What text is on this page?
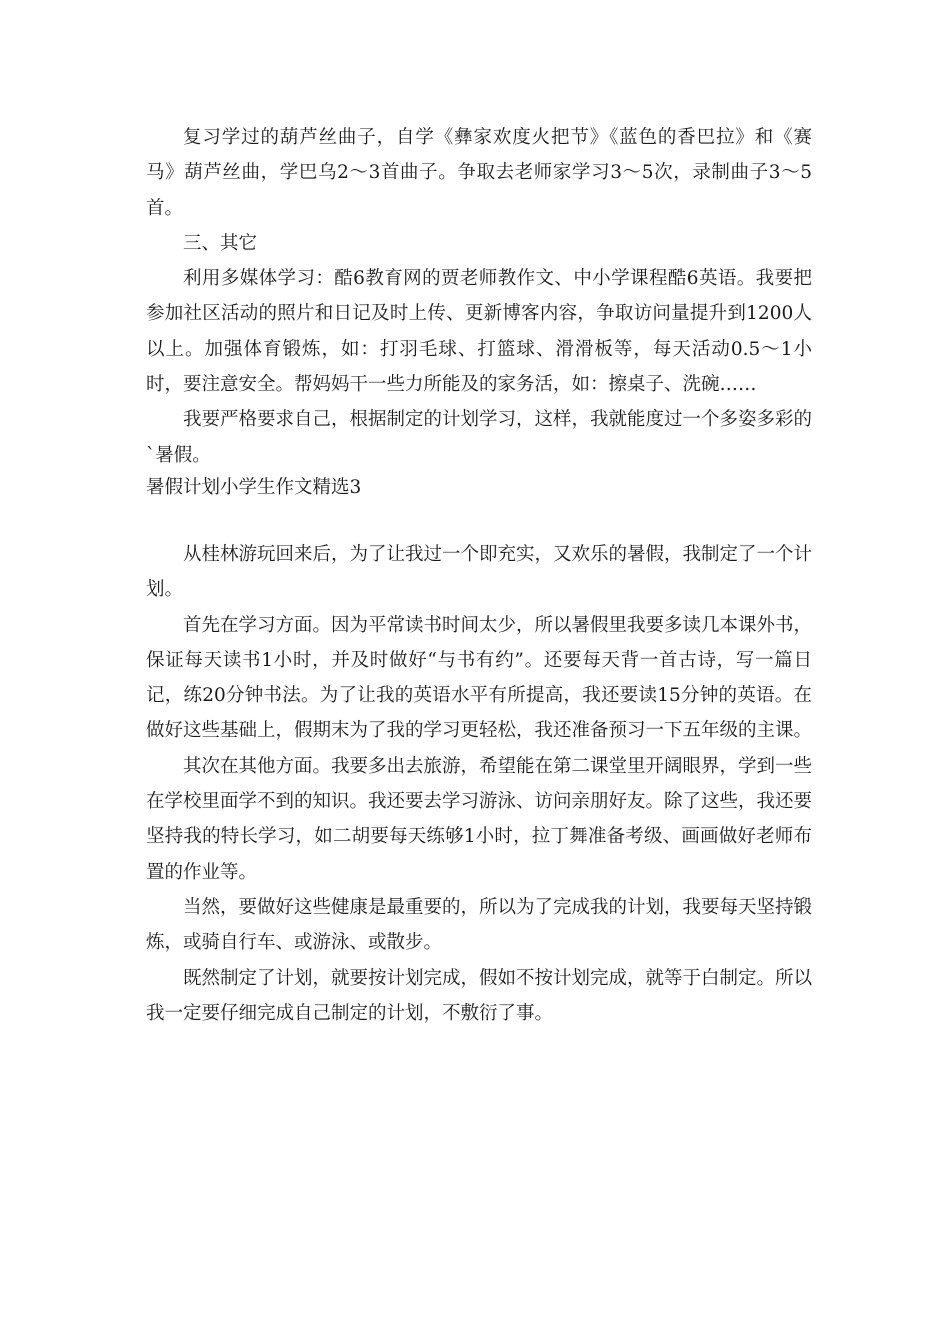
复习学过的葫芦丝曲子，自学《彝家欢度火把节》《蓝色的香巴拉》和《赛马》葫芦丝曲，学巴乌2～3首曲子。争取去老师家学习3～5次，录制曲子3～5首。

三、其它

利用多媒体学习：酷6教育网的贾老师教作文、中小学课程酷6英语。我要把参加社区活动的照片和日记及时上传、更新博客内容，争取访问量提升到1200人以上。加强体育锻炼，如：打羽毛球、打篮球、滑滑板等，每天活动0.5～1小时，要注意安全。帮妈妈干一些力所能及的家务活，如：擦桌子、洗碗……

我要严格要求自己，根据制定的计划学习，这样，我就能度过一个多姿多彩的`暑假。

暑假计划小学生作文精选3

从桂林游玩回来后，为了让我过一个即充实，又欢乐的暑假，我制定了一个计划。

首先在学习方面。因为平常读书时间太少，所以暑假里我要多读几本课外书，保证每天读书1小时，并及时做好“与书有约”。还要每天背一首古诗，写一篇日记，练20分钟书法。为了让我的英语水平有所提高，我还要读15分钟的英语。在做好这些基础上，假期末为了我的学习更轻松，我还准备预习一下五年级的主课。

其次在其他方面。我要多出去旅游，希望能在第二课堂里开阔眼界，学到一些在学校里面学不到的知识。我还要去学习游泳、访问亲朋好友。除了这些，我还要坚持我的特长学习，如二胡要每天练够1小时，拉丁舞准备考级、画画做好老师布置的作业等。

当然，要做好这些健康是最重要的，所以为了完成我的计划，我要每天坚持锻炼，或骑自行车、或游泳、或散步。

既然制定了计划，就要按计划完成，假如不按计划完成，就等于白制定。所以我一定要仔细完成自己制定的计划，不敷衍了事。
